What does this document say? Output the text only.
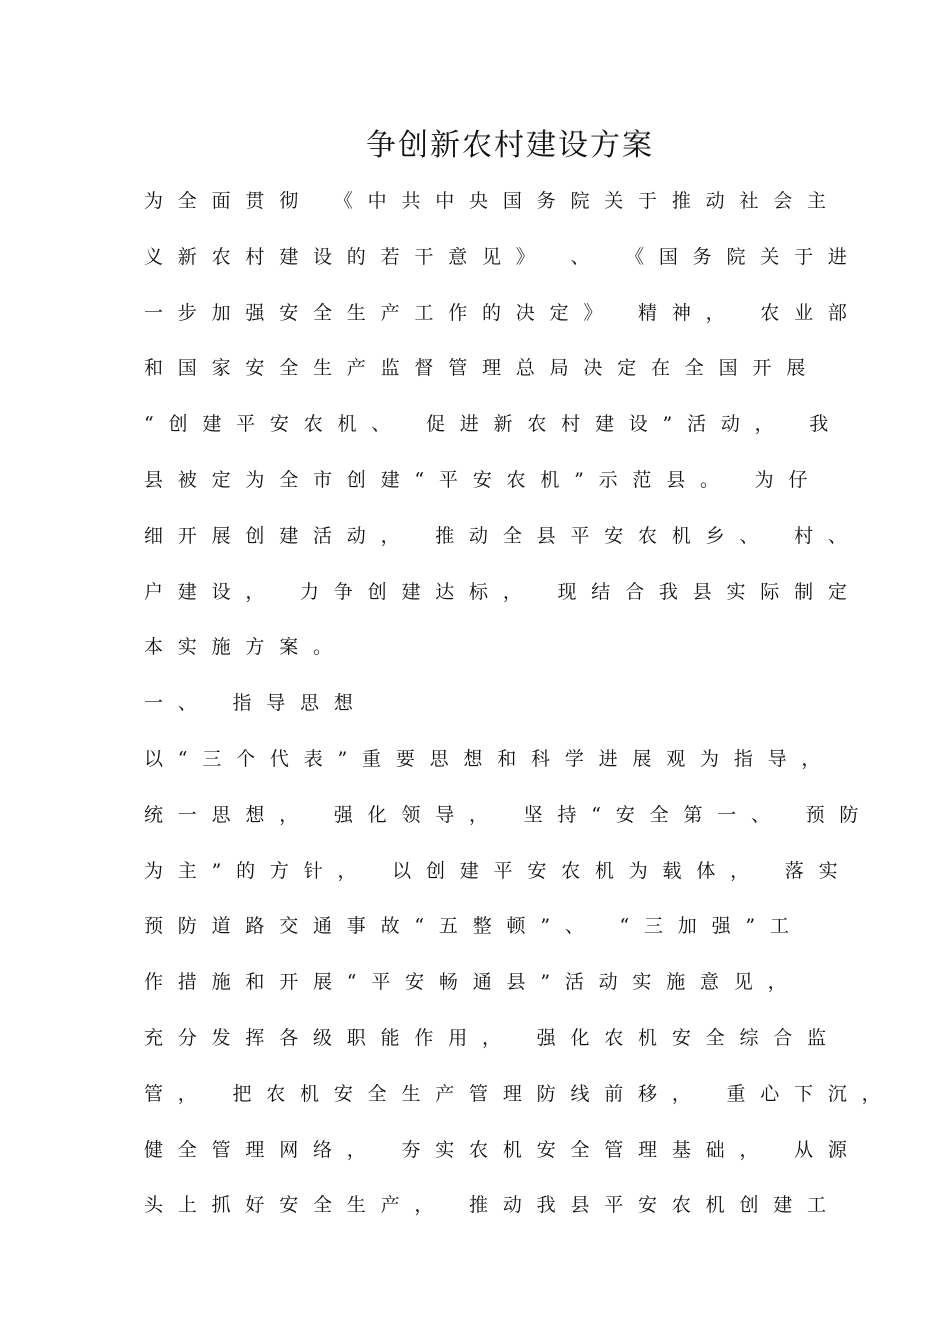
争创新农村建设方案
为全面贯彻 《中共中央国务院关于推动社会主
义新农村建设的若干意见》 、 《国务院关于进
一步加强安全生产工作的决定》 精神， 农业部
和国家安全生产监督管理总局决定在全国开展
“创建平安农机、 促进新农村建设”活动， 我
县被定为全市创建“平安农机”示范县。 为仔
细开展创建活动， 推动全县平安农机乡、 村、
户建设， 力争创建达标， 现结合我县实际制定
本实施方案。
一、 指导思想
以“三个代表”重要思想和科学进展观为指导，
统一思想， 强化领导， 坚持“安全第一、 预防
为主”的方针， 以创建平安农机为载体， 落实
预防道路交通事故“五整顿”、 “三加强”工
作措施和开展“平安畅通县”活动实施意见，
充分发挥各级职能作用， 强化农机安全综合监
管， 把农机安全生产管理防线前移， 重心下沉，
健全管理网络， 夯实农机安全管理基础， 从源
头上抓好安全生产， 推动我县平安农机创建工
